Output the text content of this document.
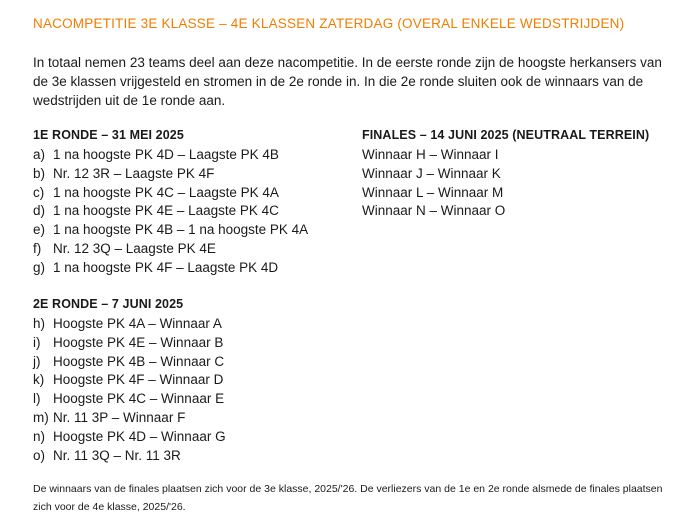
NACOMPETITIE 3E KLASSE – 4E KLASSEN ZATERDAG (OVERAL ENKELE WEDSTRIJDEN)
In totaal nemen 23 teams deel aan deze nacompetitie. In de eerste ronde zijn de hoogste herkansers van de 3e klassen vrijgesteld en stromen in de 2e ronde in. In die 2e ronde sluiten ook de winnaars van de wedstrijden uit de 1e ronde aan.
1E RONDE – 31 MEI 2025
a) 1 na hoogste PK 4D – Laagste PK 4B
b) Nr. 12 3R – Laagste PK 4F
c) 1 na hoogste PK 4C – Laagste PK 4A
d) 1 na hoogste PK 4E – Laagste PK 4C
e) 1 na hoogste PK 4B – 1 na hoogste PK 4A
f) Nr. 12 3Q – Laagste PK 4E
g) 1 na hoogste PK 4F – Laagste PK 4D
FINALES – 14 JUNI 2025 (NEUTRAAL TERREIN)
Winnaar H – Winnaar I
Winnaar J – Winnaar K
Winnaar L – Winnaar M
Winnaar N – Winnaar O
2E RONDE – 7 JUNI 2025
h) Hoogste PK 4A – Winnaar A
i) Hoogste PK 4E – Winnaar B
j) Hoogste PK 4B – Winnaar C
k) Hoogste PK 4F – Winnaar D
l) Hoogste PK 4C – Winnaar E
m) Nr. 11 3P – Winnaar F
n) Hoogste PK 4D – Winnaar G
o) Nr. 11 3Q – Nr. 11 3R
De winnaars van de finales plaatsen zich voor de 3e klasse, 2025/'26. De verliezers van de 1e en 2e ronde alsmede de finales plaatsen zich voor de 4e klasse, 2025/'26.
